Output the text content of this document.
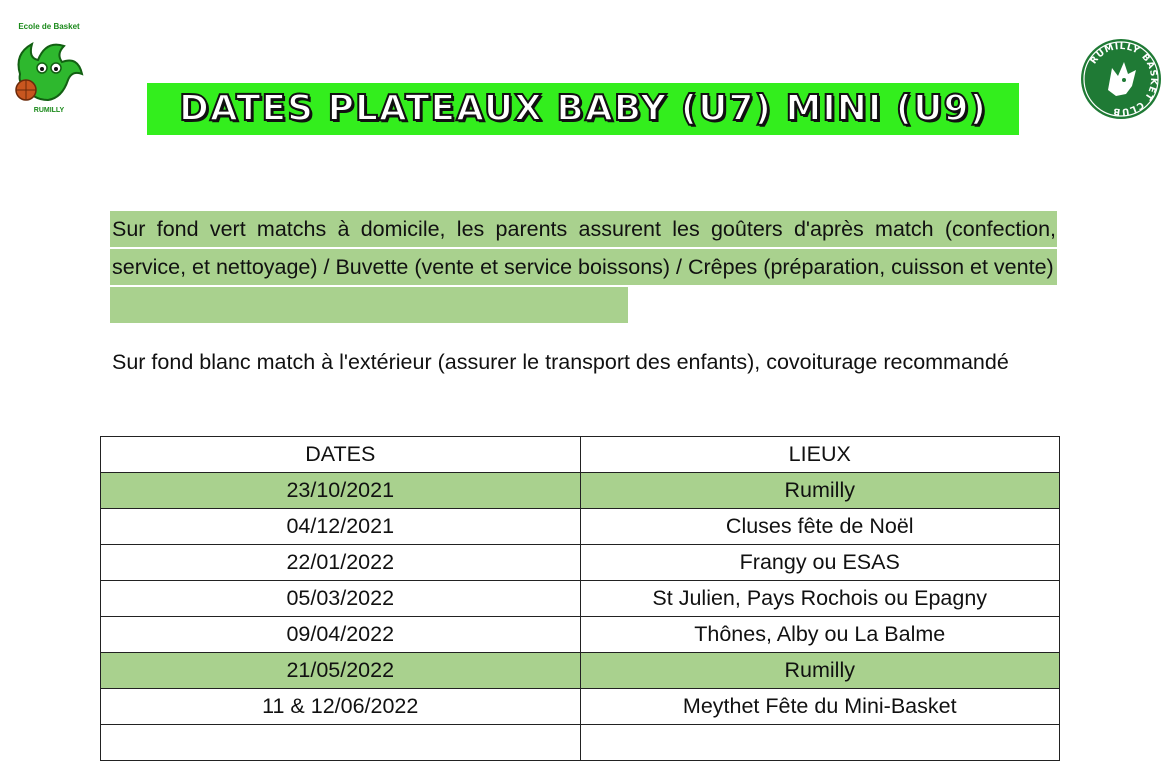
Ecole de Basket
RUMILLY
RUMILLY BASKET CLUB
DATES PLATEAUX BABY (U7) MINI (U9)
Sur fond vert matchs à domicile, les parents assurent les goûters d'après match (confection, service, et nettoyage) / Buvette (vente et service boissons) / Crêpes (préparation, cuisson et vente)
Sur fond blanc match à l'extérieur (assurer le transport des enfants), covoiturage recommandé
DATES	LIEUX
23/10/2021	Rumilly
04/12/2021	Cluses fête de Noël
22/01/2022	Frangy ou ESAS
05/03/2022	St Julien, Pays Rochois ou Epagny
09/04/2022	Thônes, Alby ou La Balme
21/05/2022	Rumilly
11 & 12/06/2022	Meythet Fête du Mini-Basket
